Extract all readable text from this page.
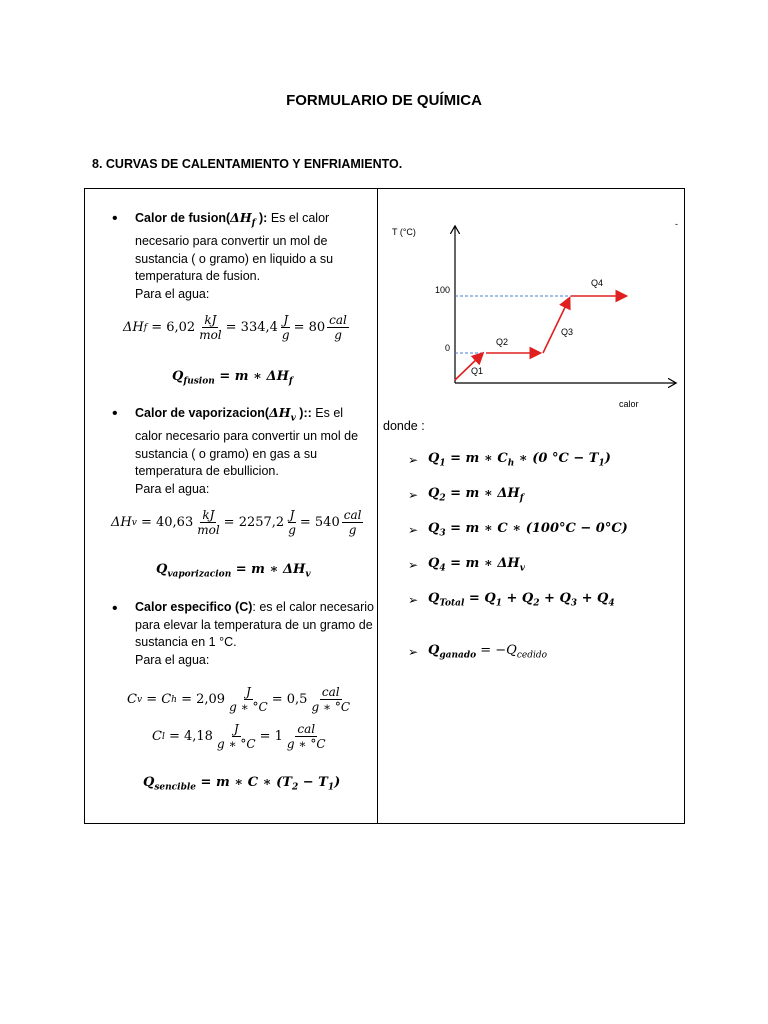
FORMULARIO DE QUÍMICA
8. CURVAS DE CALENTAMIENTO Y ENFRIAMIENTO.
• Calor de $fusion(\Delta H_f$ ): Es el calor necesario para convertir un mol de sustancia ( o gramo) en liquido a su temperatura de fusion.
Para el agua:
ΔH f
= $6,02 \frac{kJ}{\text{mol}} = 334,4 \frac{J}{g} = 80 \frac{\text{cal}}{g}$
$Q_{fusion} = m$ ∗ $\Delta H_f$
• Calor de $vaporizacion(\Delta H_v$ ):: Es el calor necesario para convertir un mol de sustancia ( o gramo) en gas a su temperatura de ebullicion.
Para el agua:
ΔH v
= $40,63 \frac{kJ}{\text{mol}} = 2257,2 \frac{J}{g} = 540 \frac{\text{cal}}{g}$
$Q_{vaporizacion} = m$ ∗ $\Delta H_v$
• Calor especifico (C): es el calor necesario para elevar la temperatura de un gramo de sustancia en 1 °C.
Para el agua:
C v
= C h
= $2,09 \frac{J}{g ∗ ^\circ C} = 0,5 \frac{\text{cal}}{g ∗ ^\circ C}$
C l
= $4,18 \frac{J}{g ∗ ^\circ C} = 1 \frac{\text{cal}}{g ∗ ^\circ C}$
$Q_{sencible} = m$ ∗ C ∗ $(T_2 - T_1)$
T (°C)
calor
100
0
Q1
Q2
Q3
Q4
-
donde :
➢ $Q_1 = m$ ∗ $C_h$ ∗ (0 $^\circ C - T_1$)
➢ $Q_2 = m$ ∗ $\Delta H_f$
➢ $Q_3 = m$ ∗ C ∗ (100°C − 0°C)
➢ $Q_4 = m$ ∗ $\Delta H_v$
➢ $Q_{Total} = Q_1 + Q_2 + Q_3 + Q_4$
➢ $Q_{ganado} = -Q_{cedido}$
